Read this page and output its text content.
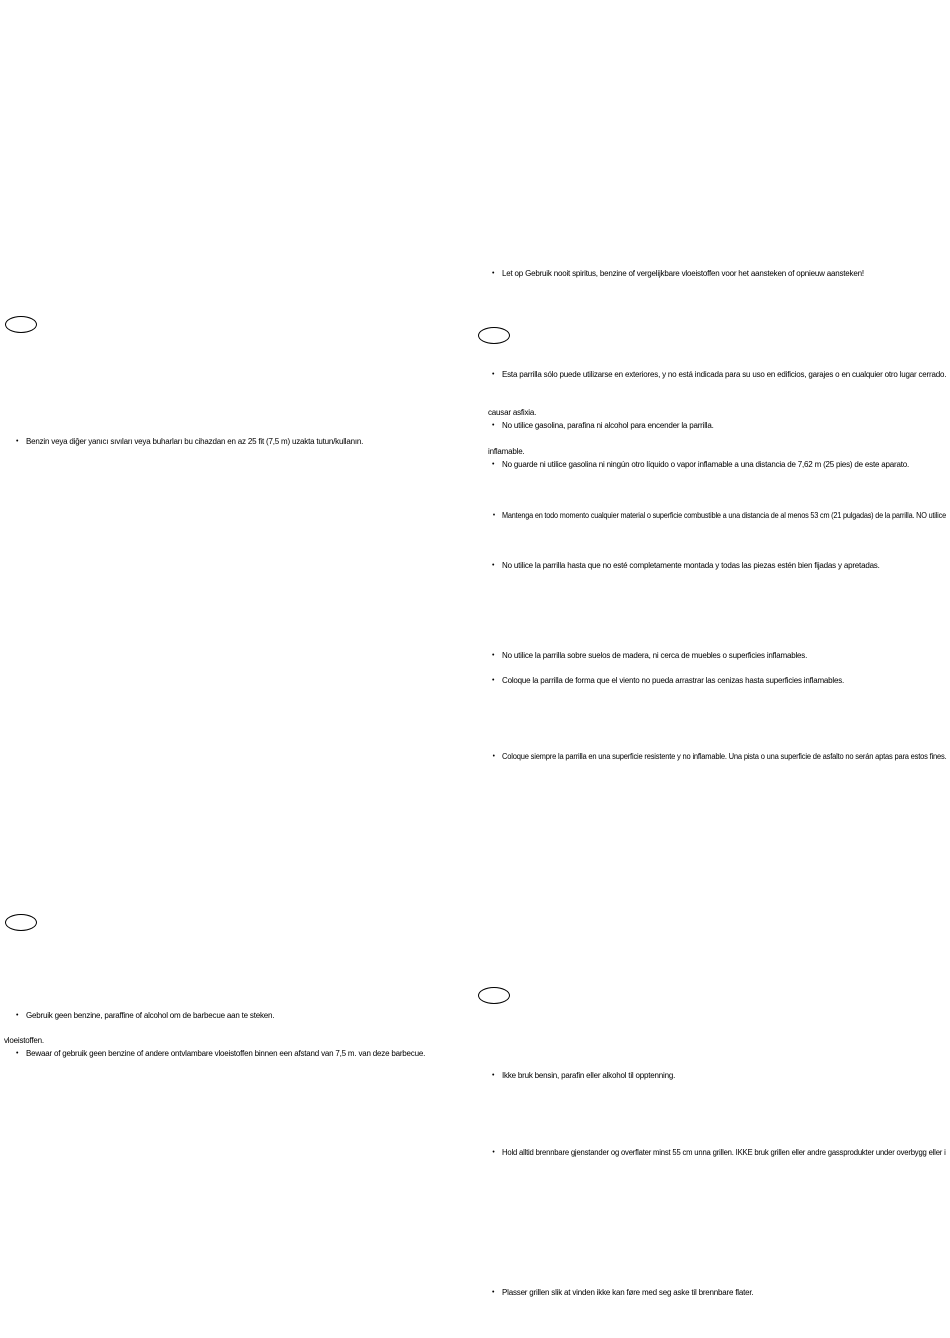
• Benzin veya diğer yanıcı sıvıları veya buharları bu cihazdan en az 25 fit (7,5 m) uzakta tutun/kullanın.
• Gebruik geen benzine, paraffine of alcohol om de barbecue aan te steken.
vloeistoffen.
• Bewaar of gebruik geen benzine of andere ontvlambare vloeistoffen binnen een afstand van 7,5 m. van deze barbecue.
• Let op Gebruik nooit spiritus, benzine of vergelijkbare vloeistoffen voor het aansteken of opnieuw aansteken!
• Esta parrilla sólo puede utilizarse en exteriores, y no está indicada para su uso en edificios, garajes o en cualquier otro lugar cerrado.
causar asfixia.
• No utilice gasolina, parafina ni alcohol para encender la parrilla.
inflamable.
• No guarde ni utilice gasolina ni ningún otro líquido o vapor inflamable a una distancia de 7,62 m (25 pies) de este aparato.
• Mantenga en todo momento cualquier material o superficie combustible a una distancia de al menos 53 cm (21 pulgadas) de la parrilla. NO utilice
• No utilice la parrilla hasta que no esté completamente montada y todas las piezas estén bien fijadas y apretadas.
• No utilice la parrilla sobre suelos de madera, ni cerca de muebles o superficies inflamables.
• Coloque la parrilla de forma que el viento no pueda arrastrar las cenizas hasta superficies inflamables.
• Coloque siempre la parrilla en una superficie resistente y no inflamable. Una pista o una superficie de asfalto no serán aptas para estos fines.
• Ikke bruk bensin, parafin eller alkohol til opptenning.
• Hold alltid brennbare gjenstander og overflater minst 55 cm unna grillen. IKKE bruk grillen eller andre gassprodukter under overbygg eller i
• Plasser grillen slik at vinden ikke kan føre med seg aske til brennbare flater.
